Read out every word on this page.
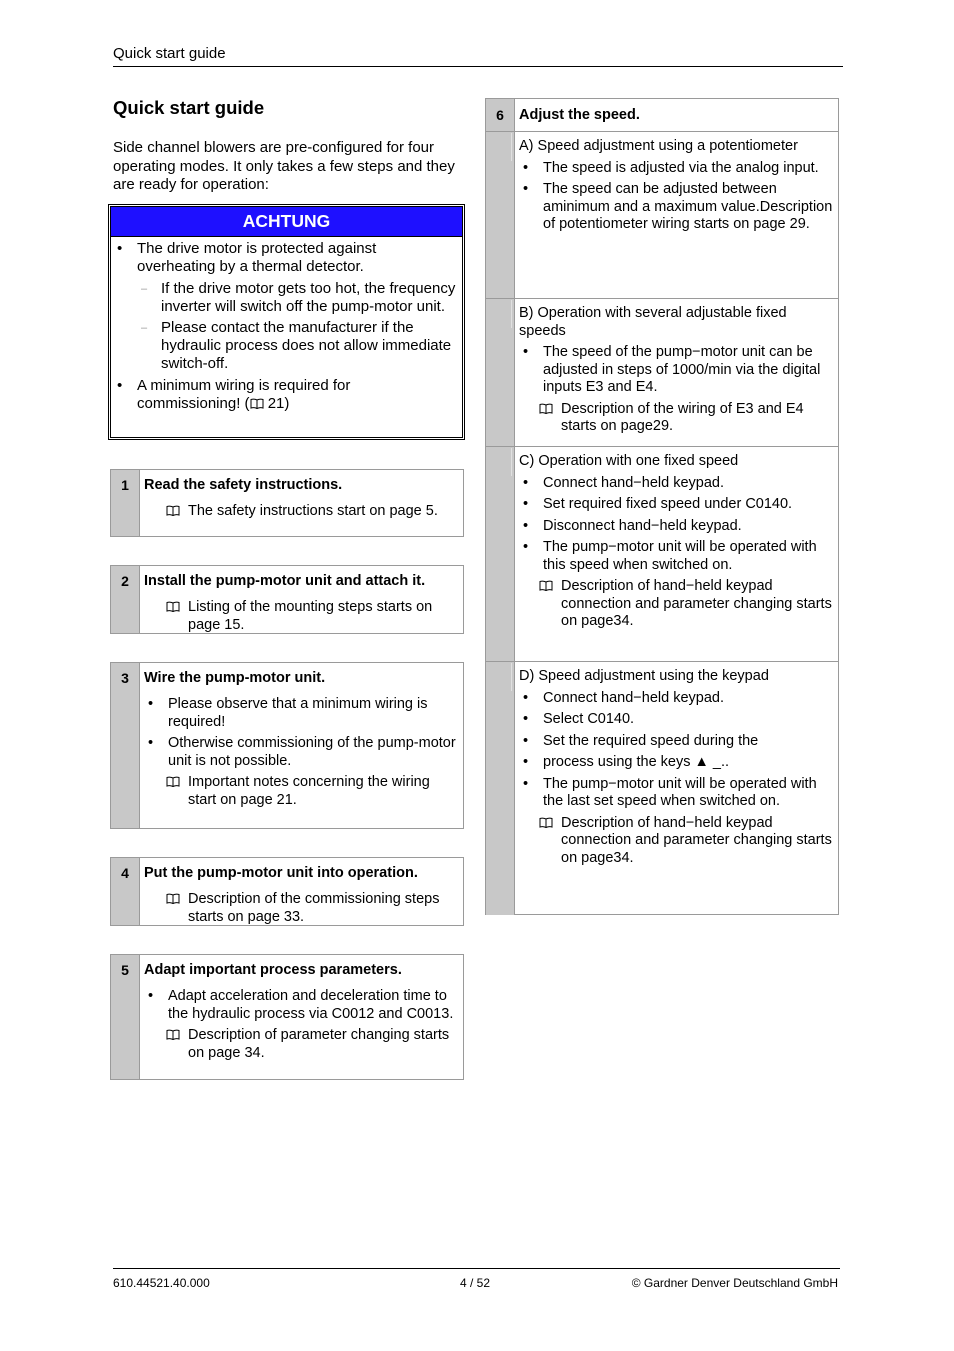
Quick start guide
Quick start guide
Side channel blowers are pre-configured for four operating modes. It only takes a few steps and they are ready for operation:
ACHTUNG
• The drive motor is protected against overheating by a thermal detector.
– If the drive motor gets too hot, the frequency inverter will switch off the pump-motor unit.
– Please contact the manufacturer if the hydraulic process does not allow immediate switch-off.
• A minimum wiring is required for commissioning! ( 21)
1	Read the safety instructions.
The safety instructions start on page 5.
2	Install the pump-motor unit and attach it.
Listing of the mounting steps starts on page 15.
3	Wire the pump-motor unit.
•	Please observe that a minimum wiring is required!
•	Otherwise commissioning of the pump-motor unit is not possible.
Important notes concerning the wiring start on page 21.
4	Put the pump-motor unit into operation.
Description of the commissioning steps starts on page 33.
5	Adapt important process parameters.
•	Adapt acceleration and deceleration time to the hydraulic process via C0012 and C0013.
Description of parameter changing starts on page 34.
6	Adjust the speed.
A) Speed adjustment using a potentiometer
•	The speed is adjusted via the analog input.
•	The speed can be adjusted between aminimum and a maximum value.Description of potentiometer wiring starts on page 29.
B) Operation with several adjustable fixed speeds
•	The speed of the pump−motor unit can be adjusted in steps of 1000/min via the digital inputs E3 and E4.
Description of the wiring of E3 and E4 starts on page29.
C) Operation with one fixed speed
•	Connect hand−held keypad.
•	Set required fixed speed under C0140.
•	Disconnect hand−held keypad.
•	The pump−motor unit will be operated with this speed when switched on.
Description of hand−held keypad connection and parameter changing starts on page34.
D) Speed adjustment using the keypad
•	Connect hand−held keypad.
•	Select C0140.
•	Set the required speed during the
•	process using the keys ▲ _..
•	The pump−motor unit will be operated with the last set speed when switched on.
Description of hand−held keypad connection and parameter changing starts on page34.
610.44521.40.000	4 / 52	© Gardner Denver Deutschland GmbH
